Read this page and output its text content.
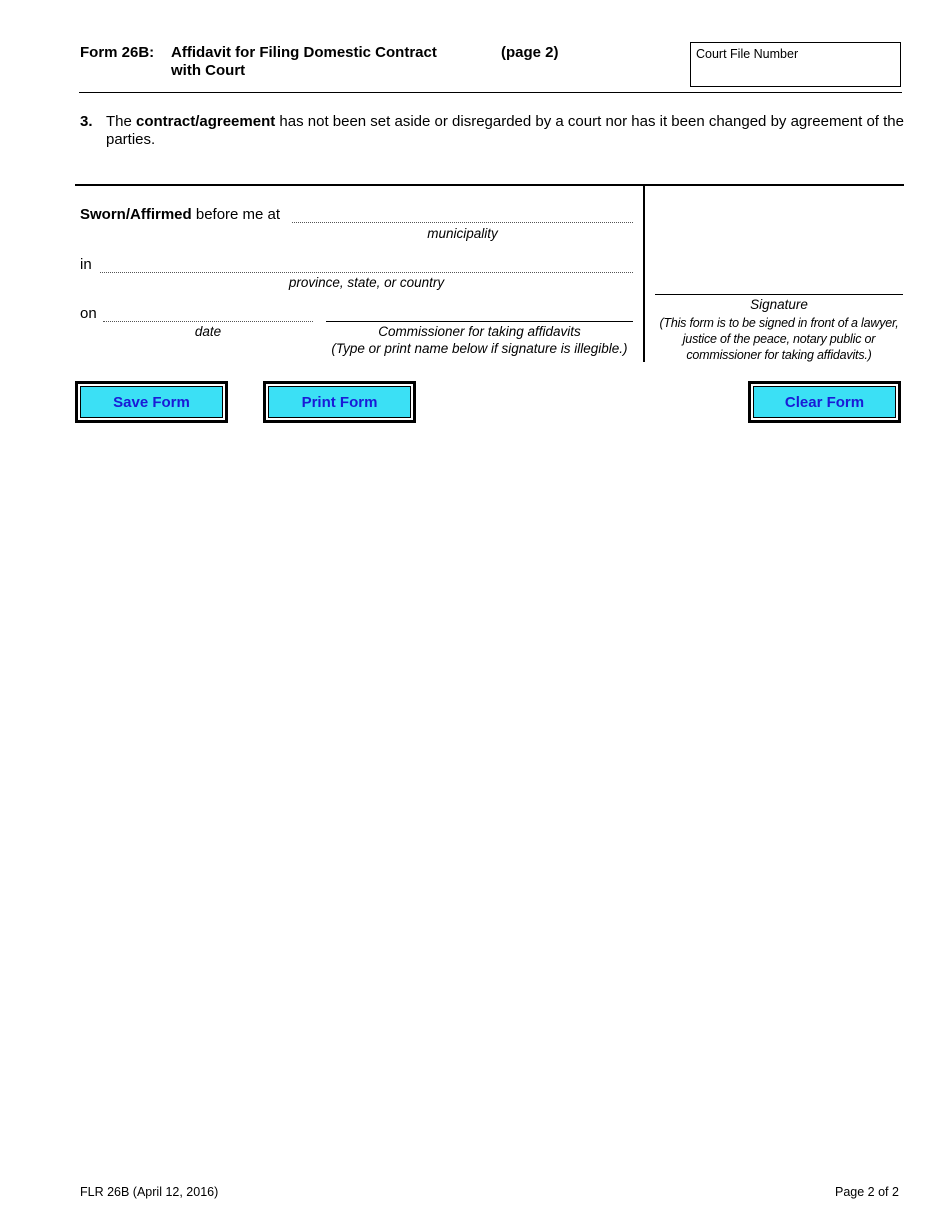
Form 26B: Affidavit for Filing Domestic Contract
with Court
(page 2)	Court File Number
3. The contract/agreement has not been set aside or disregarded by a court nor has it been changed by agreement of the parties.
Sworn/Affirmed before me at
municipality
in
province, state, or country
on
date	Commissioner for taking affidavits
(Type or print name below if signature is illegible.)
Signature
(This form is to be signed in front of a lawyer, justice of the peace, notary public or commissioner for taking affidavits.)
Save Form	Print Form	Clear Form
FLR 26B (April 12, 2016)	Page 2 of 2
